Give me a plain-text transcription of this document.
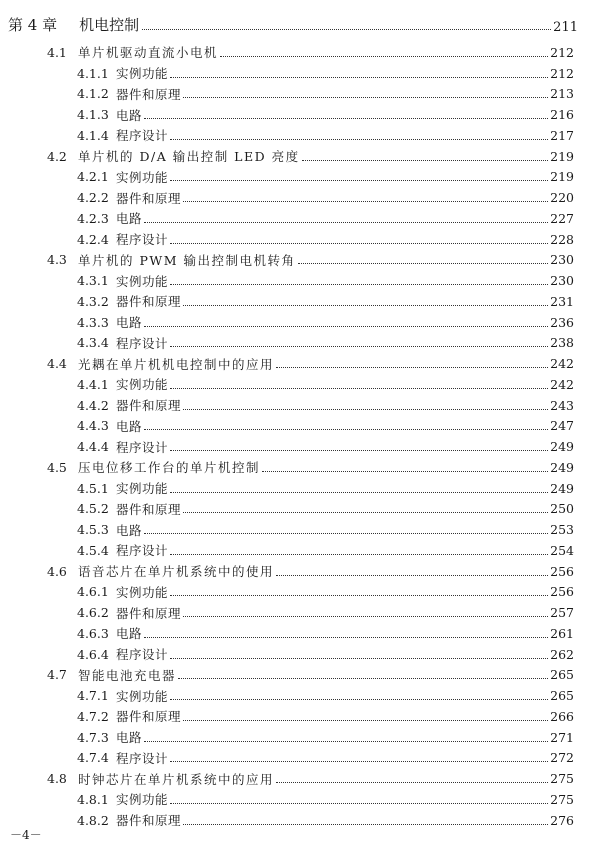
第 4 章 机电控制	211
4.1 单片机驱动直流小电机	212
4.1.1 实例功能	212
4.1.2 器件和原理	213
4.1.3 电路	216
4.1.4 程序设计	217
4.2 单片机的 D/A 输出控制 LED 亮度	219
4.2.1 实例功能	219
4.2.2 器件和原理	220
4.2.3 电路	227
4.2.4 程序设计	228
4.3 单片机的 PWM 输出控制电机转角	230
4.3.1 实例功能	230
4.3.2 器件和原理	231
4.3.3 电路	236
4.3.4 程序设计	238
4.4 光耦在单片机机电控制中的应用	242
4.4.1 实例功能	242
4.4.2 器件和原理	243
4.4.3 电路	247
4.4.4 程序设计	249
4.5 压电位移工作台的单片机控制	249
4.5.1 实例功能	249
4.5.2 器件和原理	250
4.5.3 电路	253
4.5.4 程序设计	254
4.6 语音芯片在单片机系统中的使用	256
4.6.1 实例功能	256
4.6.2 器件和原理	257
4.6.3 电路	261
4.6.4 程序设计	262
4.7 智能电池充电器	265
4.7.1 实例功能	265
4.7.2 器件和原理	266
4.7.3 电路	271
4.7.4 程序设计	272
4.8 时钟芯片在单片机系统中的应用	275
4.8.1 实例功能	275
4.8.2 器件和原理	276
－4－
